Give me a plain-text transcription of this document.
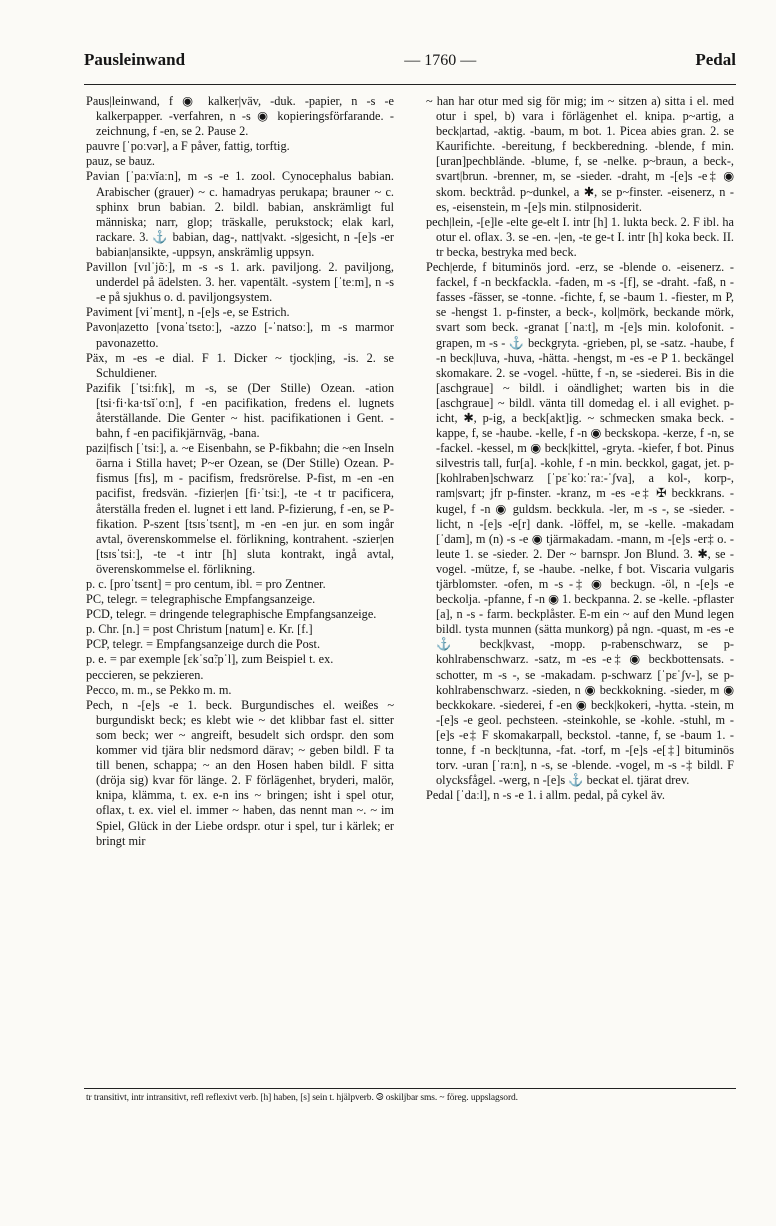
Pausleinwand	— 1760 —	Pedal

Paus|leinwand, f ◉ kalker|väv, -duk. -papier, n -s -e kalkerpapper. -verfahren, n -s ◉ kopieringsförfarande. -zeichnung, f -en, se 2. Pause 2.

pauvre [ˈpoːvər], a F påver, fattig, torftig.

pauz, se bauz.

Pavian [ˈpaːvĭaːn], m -s -e 1. zool. Cynocephalus babian. Arabischer (grauer) ~ c. hamadryas perukapa; brauner ~ c. sphinx brun babian. 2. bildl. babian, anskrämligt ful människa; narr, glop; träskalle, perukstock; elak karl, rackare. 3. ⚓ babian, dag-, natt|vakt. -s|gesicht, n -[e]s -er babian|ansikte, -uppsyn, anskrämlig uppsyn.

Pavillon [vɪlˈjõː], m -s -s 1. ark. paviljong. 2. paviljong, underdel på ädelsten. 3. her. vapentält. -system [ˈteːm], n -s -e på sjukhus o. d. paviljongsystem.

Paviment [viˈmɛnt], n -[e]s -e, se Estrich.

Pavon|azetto [vonaˈtsɛtoː], -azzo [-ˈnatsoː], m -s marmor pavonazetto.

Päx, m -es -e dial. F 1. Dicker ~ tjock|ing, -is. 2. se Schuldiener.

Pazifik [ˈtsiːfɪk], m -s, se (Der Stille) Ozean. -ation [tsi·fi·ka·tsĭˈoːn], f -en pacifikation, fredens el. lugnets återställande. Die Genter ~ hist. pacifikationen i Gent. -bahn, f -en pacifikjärnväg, -bana.

pazi|fisch [ˈtsiː], a. ~e Eisenbahn, se P-fikbahn; die ~en Inseln öarna i Stilla havet; P~er Ozean, se (Der Stille) Ozean. P-fismus [fɪs], m - pacifism, fredsrörelse. P-fist, m -en -en pacifist, fredsvän. -fizier|en [fi·ˈtsiː], -te -t tr pacificera, återställa freden el. lugnet i ett land. P-fizierung, f -en, se P-fikation. P-szent [tsɪsˈtsɛnt], m -en -en jur. en som ingår avtal, överenskommelse el. förlikning, kontrahent. -szier|en [tsɪsˈtsiː], -te -t intr [h] sluta kontrakt, ingå avtal, överenskommelse el. förlikning.

p. c. [proˈtsɛnt] = pro centum, ibl. = pro Zentner.

PC, telegr. = telegraphische Empfangsanzeige.

PCD, telegr. = dringende telegraphische Empfangsanzeige.

p. Chr. [n.] = post Christum [natum] e. Kr. [f.]

PCP, telegr. = Empfangsanzeige durch die Post.

p. e. = par exemple [ɛkˈsɑ̃ːpˈl], zum Beispiel t. ex.

peccieren, se pekzieren.

Pecco, m. m., se Pekko m. m.

Pech, n -[e]s -e 1. beck. Burgundisches el. weißes ~ burgundiskt beck; es klebt wie ~ det klibbar fast el. sitter som beck; wer ~ angreift, besudelt sich ordspr. den som kommer vid tjära blir nedsmord därav; ~ geben bildl. F ta till benen, schappa; ~ an den Hosen haben bildl. F sitta (dröja sig) kvar för länge. 2. F förlägenhet, bryderi, malör, knipa, klämma, t. ex. e-n ins ~ bringen; isht i spel otur, oflax, t. ex. viel el. immer ~ haben, das nennt man ~. ~ im Spiel, Glück in der Liebe ordspr. otur i spel, tur i kärlek; er bringt mir

~ han har otur med sig för mig; im ~ sitzen a) sitta i el. med otur i spel, b) vara i förlägenhet el. knipa. p~artig, a beck|artad, -aktig. -baum, m bot. 1. Picea abies gran. 2. se Kaurifichte. -bereitung, f beckberedning. -blende, f min. [uran]pechblände. -blume, f, se -nelke. p~braun, a beck-, svart|brun. -brenner, m, se -sieder. -draht, m -[e]s -e‡ ◉ skom. becktråd. p~dunkel, a ✱, se p~finster. -eisenerz, n -es, -eisenstein, m -[e]s min. stilpnosiderit.

pech|lein, -[e]le -elte ge-elt I. intr [h] 1. lukta beck. 2. F ibl. ha otur el. oflax. 3. se -en. -|en, -te ge-t I. intr [h] koka beck. II. tr becka, bestryka med beck.

Pech|erde, f bituminös jord. -erz, se -blende o. -eisenerz. -fackel, f -n beckfackla. -faden, m -s -[f], se -draht. -faß, n -fasses -fässer, se -tonne. -fichte, f, se -baum 1. -fiester, m P, se -hengst 1. p-finster, a beck-, kol|mörk, beckande mörk, svart som beck. -granat [ˈnaːt], m -[e]s min. kolofonit. -grapen, m -s - ⚓ beckgryta. -grieben, pl, se -satz. -haube, f -n beck|luva, -huva, -hätta. -hengst, m -es -e P 1. beckängel skomakare. 2. se -vogel. -hütte, f -n, se -siederei. Bis in die [aschgraue] ~ bildl. i oändlighet; warten bis in die [aschgraue] ~ bildl. vänta till domedag el. i all evighet. p-icht, ✱, p-ig, a beck[akt]ig. ~ schmecken smaka beck. -kappe, f, se -haube. -kelle, f -n ◉ beckskopa. -kerze, f -n, se -fackel. -kessel, m ◉ beck|kittel, -gryta. -kiefer, f bot. Pinus silvestris tall, fur[a]. -kohle, f -n min. beckkol, gagat, jet. p-[kohlraben]schwarz [ˈpɛˈkoːˈraː-ˈʃva], a kol-, korp-, ram|svart; jfr p-finster. -kranz, m -es -e‡ ✠ beckkrans. -kugel, f -n ◉ guldsm. beckkula. -ler, m -s -, se -sieder. -licht, n -[e]s -e[r] dank. -löffel, m, se -kelle. -makadam [ˈdam], m (n) -s -e ◉ tjärmakadam. -mann, m -[e]s -er‡ o. -leute 1. se -sieder. 2. Der ~ barnspr. Jon Blund. 3. ✱, se -vogel. -mütze, f, se -haube. -nelke, f bot. Viscaria vulgaris tjärblomster. -ofen, m -s -‡ ◉ beckugn. -öl, n -[e]s -e beckolja. -pfanne, f -n ◉ 1. beckpanna. 2. se -kelle. -pflaster [a], n -s - farm. beckplåster. E-m ein ~ auf den Mund legen bildl. tysta munnen (sätta munkorg) på ngn. -quast, m -es -e ⚓ beck|kvast, -mopp. p-rabenschwarz, se p-kohlrabenschwarz. -satz, m -es -e‡ ◉ beckbottensats. -schotter, m -s -, se -makadam. p-schwarz [ˈpɛˈʃv-], se p-kohlrabenschwarz. -sieden, n ◉ beckkokning. -sieder, m ◉ beckkokare. -siederei, f -en ◉ beck|kokeri, -hytta. -stein, m -[e]s -e geol. pechsteen. -steinkohle, se -kohle. -stuhl, m -[e]s -e‡ F skomakarpall, beckstol. -tanne, f, se -baum 1. -tonne, f -n beck|tunna, -fat. -torf, m -[e]s -e[‡] bituminös torv. -uran [ˈraːn], n -s, se -blende. -vogel, m -s -‡ bildl. F olycksfågel. -werg, n -[e]s ⚓ beckat el. tjärat drev.

Pedal [ˈdaːl], n -s -e 1. i allm. pedal, på cykel äv.

tr transitivt, intr intransitivt, refl reflexivt verb. [h] haben, [s] sein t. hjälpverb. ⧁ oskiljbar sms. ~ föreg. uppslagsord.
